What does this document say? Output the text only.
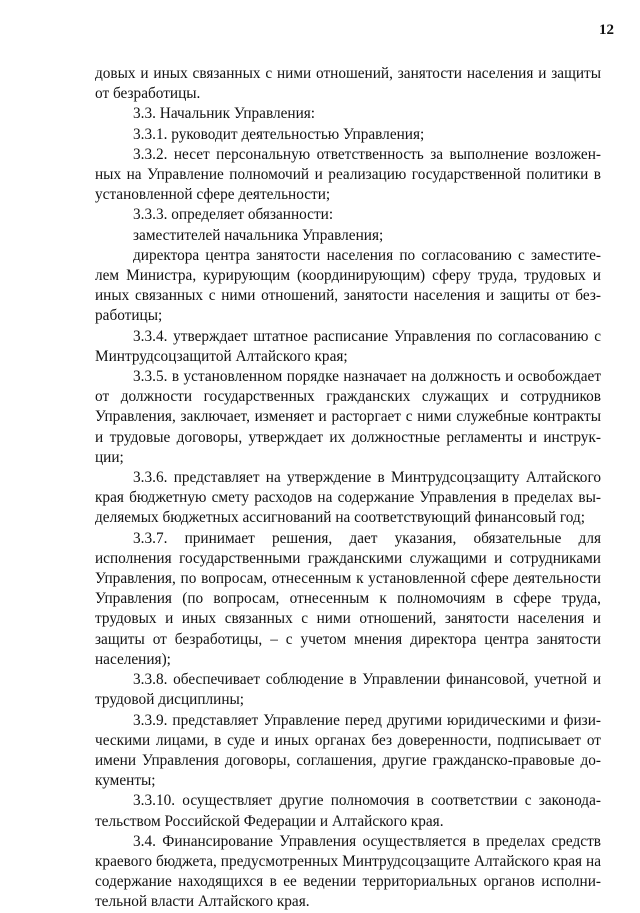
12

довых и иных связанных с ними отношений, занятости населения и защиты от безработицы.

3.3. Начальник Управления:

3.3.1. руководит деятельностью Управления;

3.3.2. несет персональную ответственность за выполнение возложенных на Управление полномочий и реализацию государственной политики в установленной сфере деятельности;

3.3.3. определяет обязанности:

заместителей начальника Управления;

директора центра занятости населения по согласованию с заместителем Министра, курирующим (координирующим) сферу труда, трудовых и иных связанных с ними отношений, занятости населения и защиты от безработицы;

3.3.4. утверждает штатное расписание Управления по согласованию с Минтрудсоцзащитой Алтайского края;

3.3.5. в установленном порядке назначает на должность и освобождает от должности государственных гражданских служащих и сотрудников Управления, заключает, изменяет и расторгает с ними служебные контракты и трудовые договоры, утверждает их должностные регламенты и инструкции;

3.3.6. представляет на утверждение в Минтрудсоцзащиту Алтайского края бюджетную смету расходов на содержание Управления в пределах выделяемых бюджетных ассигнований на соответствующий финансовый год;

3.3.7. принимает решения, дает указания, обязательные для исполнения государственными гражданскими служащими и сотрудниками Управления, по вопросам, отнесенным к установленной сфере деятельности Управления (по вопросам, отнесенным к полномочиям в сфере труда, трудовых и иных связанных с ними отношений, занятости населения и защиты от безработицы, – с учетом мнения директора центра занятости населения);

3.3.8. обеспечивает соблюдение в Управлении финансовой, учетной и трудовой дисциплины;

3.3.9. представляет Управление перед другими юридическими и физическими лицами, в суде и иных органах без доверенности, подписывает от имени Управления договоры, соглашения, другие гражданско-правовые документы;

3.3.10. осуществляет другие полномочия в соответствии с законодательством Российской Федерации и Алтайского края.

3.4. Финансирование Управления осуществляется в пределах средств краевого бюджета, предусмотренных Минтрудсоцзащите Алтайского края на содержание находящихся в ее ведении территориальных органов исполнительной власти Алтайского края.
